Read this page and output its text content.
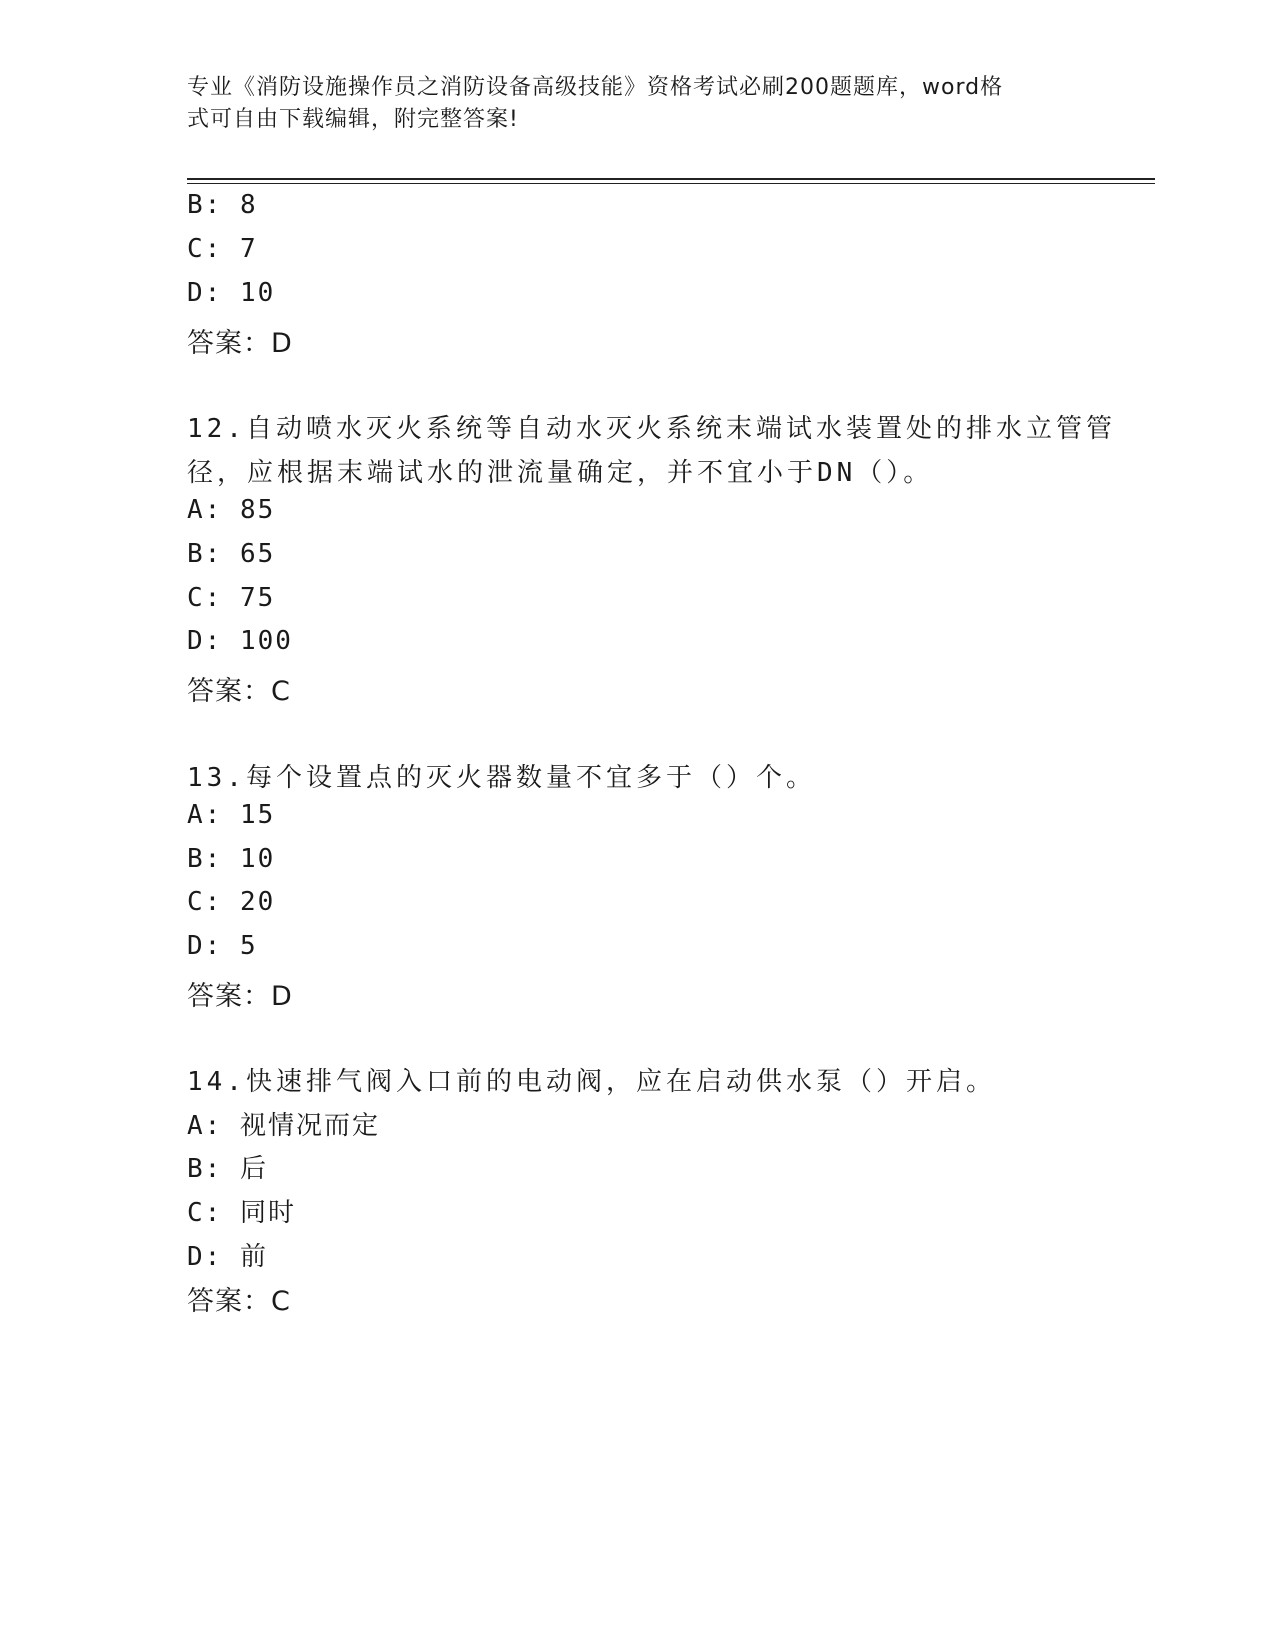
专业《消防设施操作员之消防设备高级技能》资格考试必刷200题题库，word格
式可自由下载编辑，附完整答案!
B: 8
C: 7
D: 10
答案：D
12.自动喷水灭火系统等自动水灭火系统末端试水装置处的排水立管管
径，应根据末端试水的泄流量确定，并不宜小于DN（）。
A: 85
B: 65
C: 75
D: 100
答案：C
13.每个设置点的灭火器数量不宜多于（）个。
A: 15
B: 10
C: 20
D: 5
答案：D
14.快速排气阀入口前的电动阀，应在启动供水泵（）开启。
A: 视情况而定
B: 后
C: 同时
D: 前
答案：C
